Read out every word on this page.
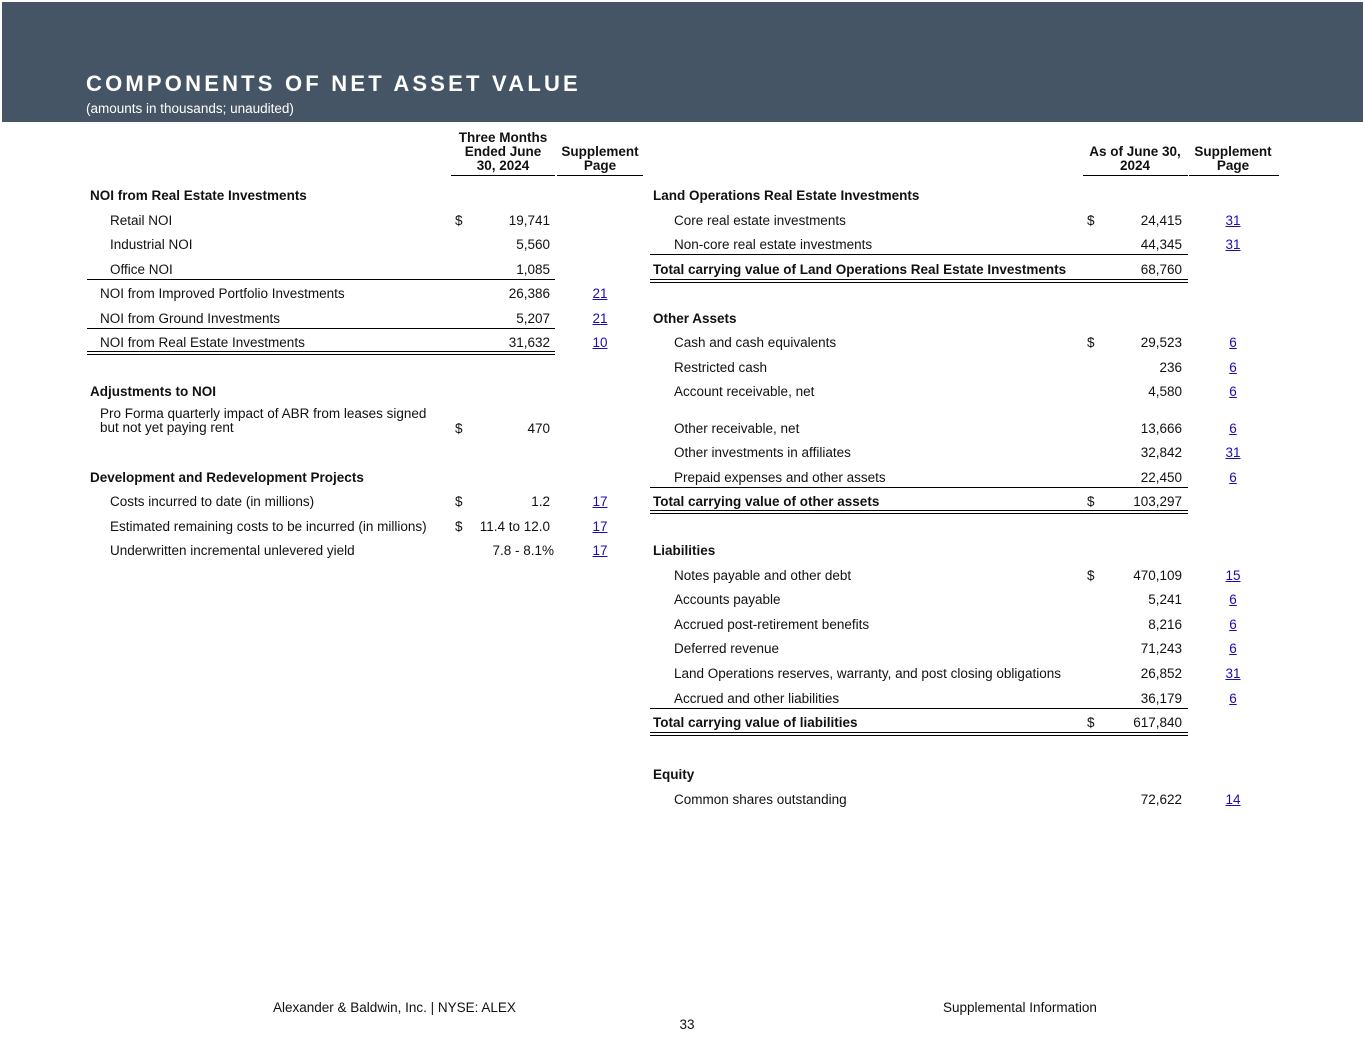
COMPONENTS OF NET ASSET VALUE
(amounts in thousands; unaudited)
Three Months
Ended June
30, 2024
Supplement
Page
NOI from Real Estate Investments
Retail NOI	$	19,741
Industrial NOI	5,560
Office NOI	1,085
NOI from Improved Portfolio Investments	26,386	21
NOI from Ground Investments	5,207	21
NOI from Real Estate Investments	31,632	10
Adjustments to NOI
Pro Forma quarterly impact of ABR from leases signed
but not yet paying rent	$	470
Development and Redevelopment Projects
Costs incurred to date (in millions)	$	1.2	17
Estimated remaining costs to be incurred (in millions) $	11.4 to 12.0	17
Underwritten incremental unlevered yield	7.8 - 8.1%	17
As of June 30,
2024
Supplement
Page
Land Operations Real Estate Investments
Core real estate investments	$	24,415	31
Non-core real estate investments	44,345	31
Total carrying value of Land Operations Real Estate Investments	68,760
Other Assets
Cash and cash equivalents	$	29,523	6
Restricted cash	236	6
Account receivable, net	4,580	6
Other receivable, net	13,666	6
Other investments in affiliates	32,842	31
Prepaid expenses and other assets	22,450	6
Total carrying value of other assets	$	103,297
Liabilities
Notes payable and other debt	$	470,109	15
Accounts payable	5,241	6
Accrued post-retirement benefits	8,216	6
Deferred revenue	71,243	6
Land Operations reserves, warranty, and post closing obligations	26,852	31
Accrued and other liabilities	36,179	6
Total carrying value of liabilities	$	617,840
Equity
Common shares outstanding	72,622	14
Alexander & Baldwin, Inc. | NYSE: ALEX	Supplemental Information
33
